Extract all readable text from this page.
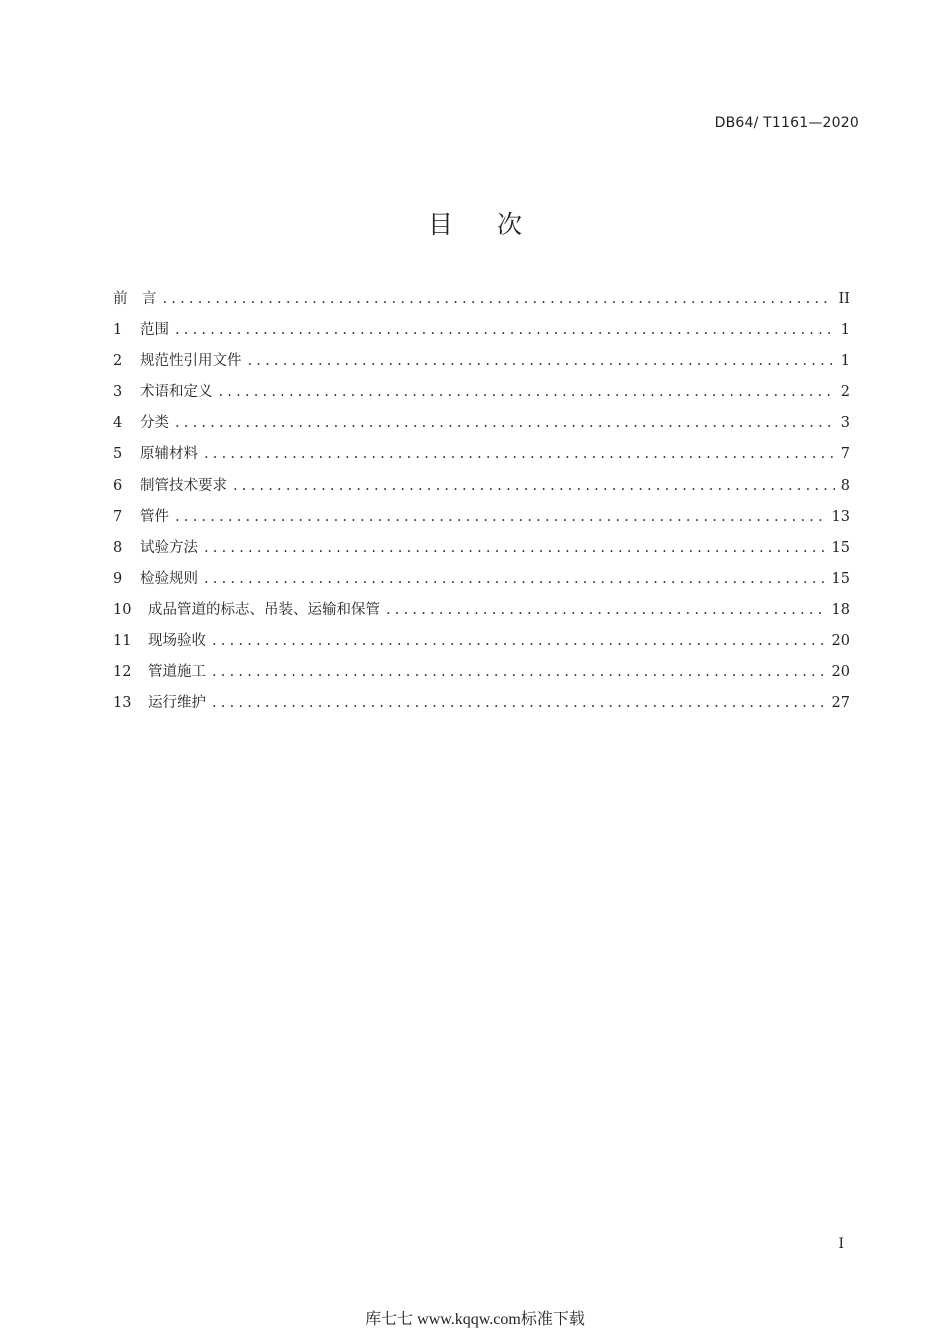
DB64/ T1161—2020
目 次
前　言 .....	II
1	范围 .....	1
2	规范性引用文件 .....	1
3	术语和定义 .....	2
4	分类 .....	3
5	原辅材料 .....	7
6	制管技术要求 .....	8
7	管件 .....	13
8	试验方法 .....	15
9	检验规则 .....	15
10	成品管道的标志、吊装、运输和保管 .....	18
11	现场验收 .....	20
12	管道施工 .....	20
13	运行维护 .....	27
I
库七七 www.kqqw.com标准下载
